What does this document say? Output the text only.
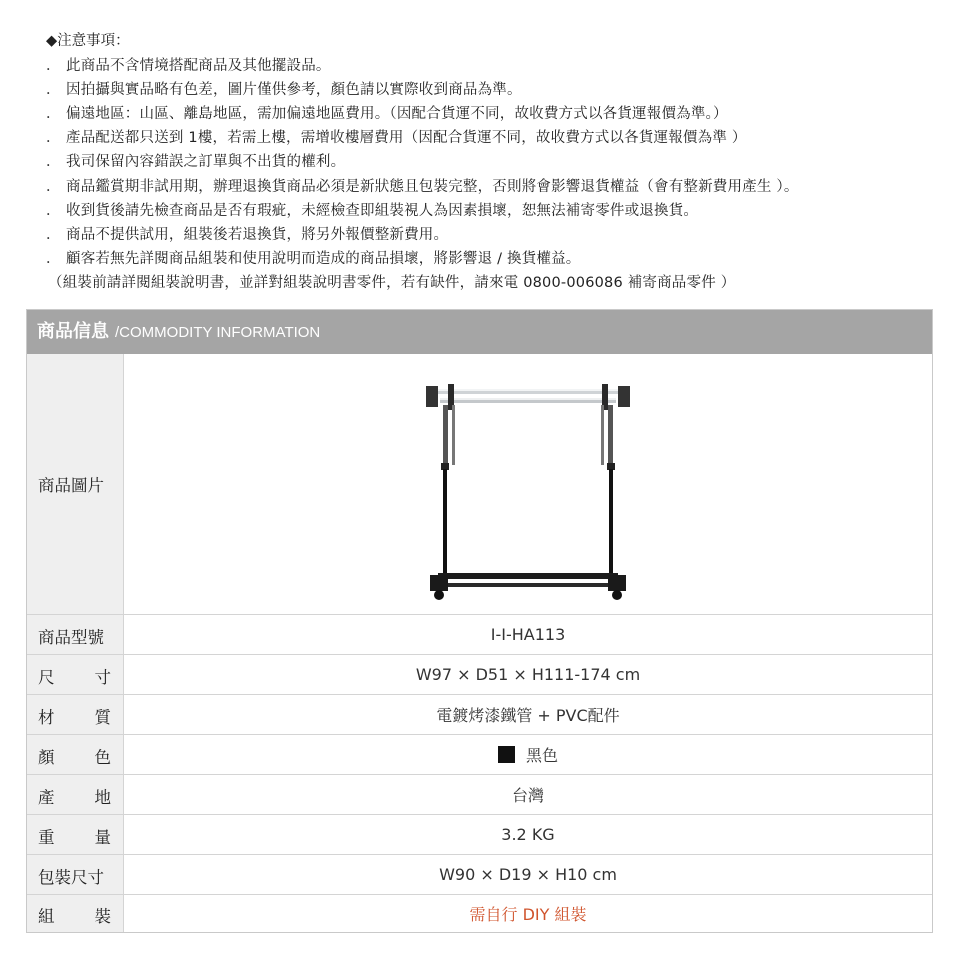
◆注意事項：
． 此商品不含情境搭配商品及其他擺設品。
． 因拍攝與實品略有色差，圖片僅供參考，顏色請以實際收到商品為準。
． 偏遠地區：山區、離島地區，需加偏遠地區費用。（因配合貨運不同，故收費方式以各貨運報價為準。）
． 產品配送都只送到 1樓，若需上樓，需增收樓層費用（因配合貨運不同，故收費方式以各貨運報價為準 ）
． 我司保留內容錯誤之訂單與不出貨的權利。
． 商品鑑賞期非試用期，辦理退換貨商品必須是新狀態且包裝完整，否則將會影響退貨權益（會有整新費用產生 ）。
． 收到貨後請先檢查商品是否有瑕疵，未經檢查即組裝視人為因素損壞，恕無法補寄零件或退換貨。
． 商品不提供試用，組裝後若退換貨，將另外報價整新費用。
． 顧客若無先詳閱商品組裝和使用說明而造成的商品損壞，將影響退 / 換貨權益。
（組裝前請詳閱組裝說明書，並詳對組裝說明書零件，若有缺件，請來電 0800-006086 補寄商品零件 ）
商品信息 /COMMODITY INFORMATION
商品圖片
商品型號	I-I-HA113
尺 寸	W97 × D51 × H111-174 cm
材 質	電鍍烤漆鐵管 + PVC配件
顏 色	黑色
產 地	台灣
重 量	3.2 KG
包裝尺寸	W90 × D19 × H10 cm
組 裝	需自行 DIY 組裝
